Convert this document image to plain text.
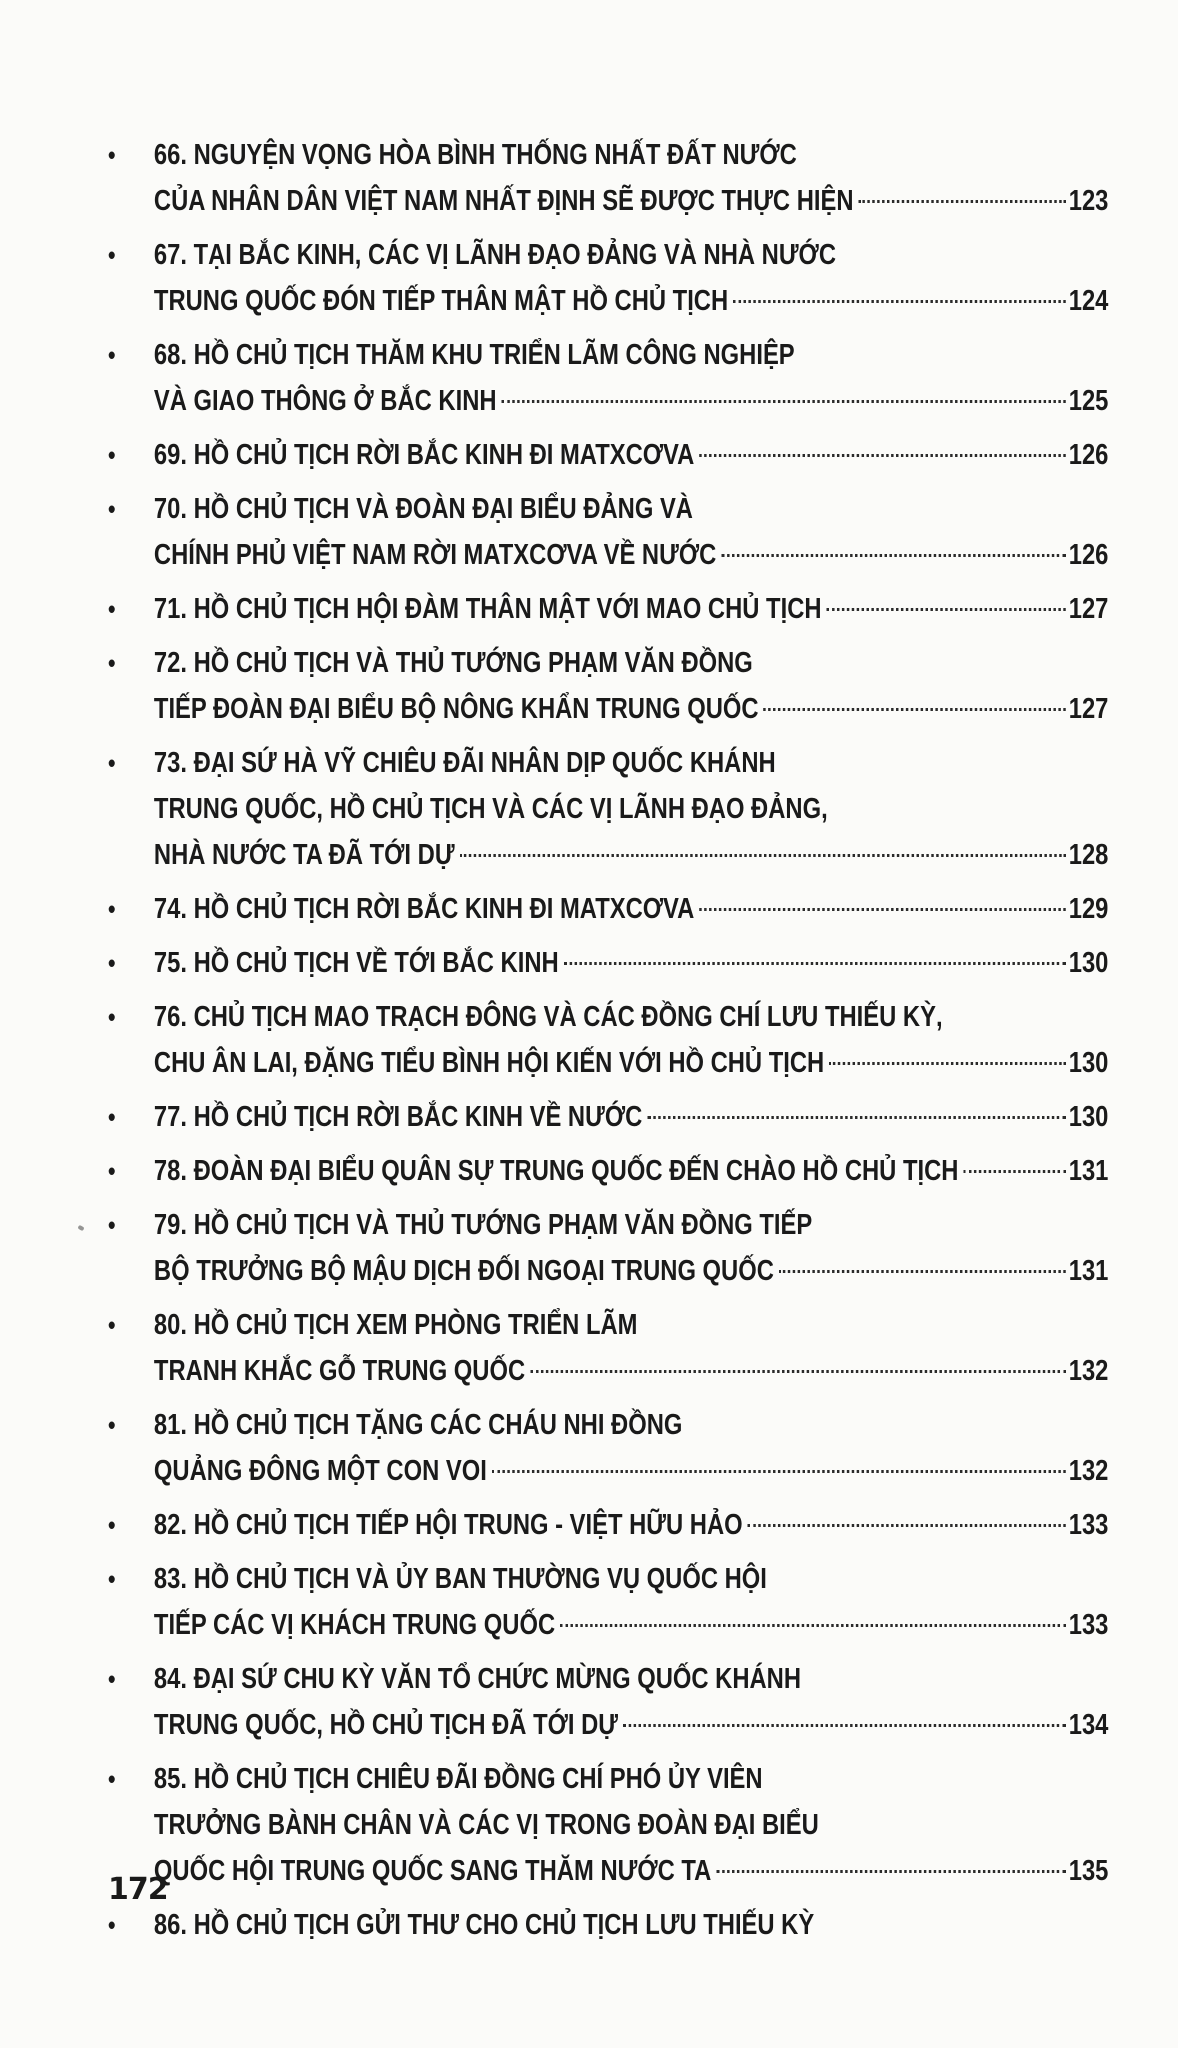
• 66. NGUYỆN VỌNG HÒA BÌNH THỐNG NHẤT ĐẤT NƯỚC
CỦA NHÂN DÂN VIỆT NAM NHẤT ĐỊNH SẼ ĐƯỢC THỰC HIỆN	123
• 67. TẠI BẮC KINH, CÁC VỊ LÃNH ĐẠO ĐẢNG VÀ NHÀ NƯỚC
TRUNG QUỐC ĐÓN TIẾP THÂN MẬT HỒ CHỦ TỊCH	124
• 68. HỒ CHỦ TỊCH THĂM KHU TRIỂN LÃM CÔNG NGHIỆP
VÀ GIAO THÔNG Ở BẮC KINH	125
• 69. HỒ CHỦ TỊCH RỜI BẮC KINH ĐI MATXCƠVA	126
• 70. HỒ CHỦ TỊCH VÀ ĐOÀN ĐẠI BIỂU ĐẢNG VÀ
CHÍNH PHỦ VIỆT NAM RỜI MATXCƠVA VỀ NƯỚC	126
• 71. HỒ CHỦ TỊCH HỘI ĐÀM THÂN MẬT VỚI MAO CHỦ TỊCH	127
• 72. HỒ CHỦ TỊCH VÀ THỦ TƯỚNG PHẠM VĂN ĐỒNG
TIẾP ĐOÀN ĐẠI BIỂU BỘ NÔNG KHẨN TRUNG QUỐC	127
• 73. ĐẠI SỨ HÀ VỸ CHIÊU ĐÃI NHÂN DỊP QUỐC KHÁNH
TRUNG QUỐC, HỒ CHỦ TỊCH VÀ CÁC VỊ LÃNH ĐẠO ĐẢNG,
NHÀ NƯỚC TA ĐÃ TỚI DỰ	128
• 74. HỒ CHỦ TỊCH RỜI BẮC KINH ĐI MATXCƠVA	129
• 75. HỒ CHỦ TỊCH VỀ TỚI BẮC KINH	130
• 76. CHỦ TỊCH MAO TRẠCH ĐÔNG VÀ CÁC ĐỒNG CHÍ LƯU THIẾU KỲ,
CHU ÂN LAI, ĐẶNG TIỂU BÌNH HỘI KIẾN VỚI HỒ CHỦ TỊCH	130
• 77. HỒ CHỦ TỊCH RỜI BẮC KINH VỀ NƯỚC	130
• 78. ĐOÀN ĐẠI BIỂU QUÂN SỰ TRUNG QUỐC ĐẾN CHÀO HỒ CHỦ TỊCH	131
• 79. HỒ CHỦ TỊCH VÀ THỦ TƯỚNG PHẠM VĂN ĐỒNG TIẾP
BỘ TRƯỞNG BỘ MẬU DỊCH ĐỐI NGOẠI TRUNG QUỐC	131
• 80. HỒ CHỦ TỊCH XEM PHÒNG TRIỂN LÃM
TRANH KHẮC GỖ TRUNG QUỐC	132
• 81. HỒ CHỦ TỊCH TẶNG CÁC CHÁU NHI ĐỒNG
QUẢNG ĐÔNG MỘT CON VOI	132
• 82. HỒ CHỦ TỊCH TIẾP HỘI TRUNG - VIỆT HỮU HẢO	133
• 83. HỒ CHỦ TỊCH VÀ ỦY BAN THƯỜNG VỤ QUỐC HỘI
TIẾP CÁC VỊ KHÁCH TRUNG QUỐC	133
• 84. ĐẠI SỨ CHU KỲ VĂN TỔ CHỨC MỪNG QUỐC KHÁNH
TRUNG QUỐC, HỒ CHỦ TỊCH ĐÃ TỚI DỰ	134
• 85. HỒ CHỦ TỊCH CHIÊU ĐÃI ĐỒNG CHÍ PHÓ ỦY VIÊN
TRƯỞNG BÀNH CHÂN VÀ CÁC VỊ TRONG ĐOÀN ĐẠI BIỂU
QUỐC HỘI TRUNG QUỐC SANG THĂM NƯỚC TA	135
• 86. HỒ CHỦ TỊCH GỬI THƯ CHO CHỦ TỊCH LƯU THIẾU KỲ
172
